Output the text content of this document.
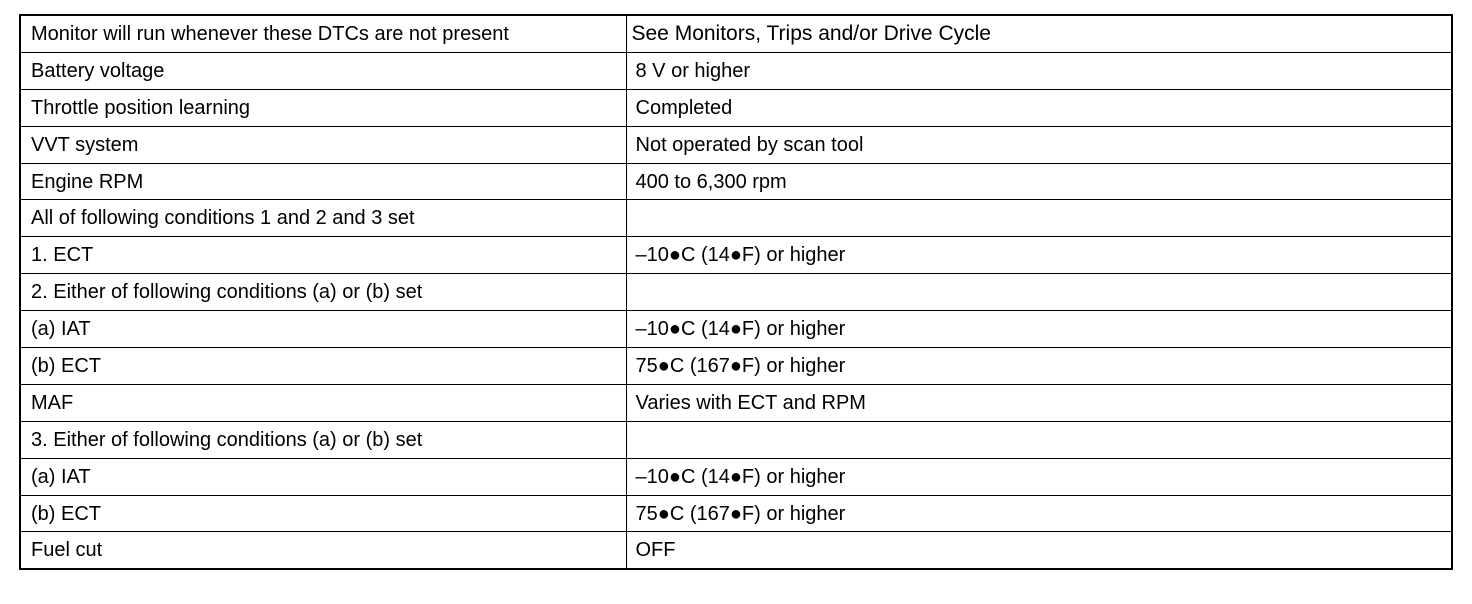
Monitor will run whenever these DTCs are not present	See Monitors, Trips and/or Drive Cycle
Battery voltage	8 V or higher
Throttle position learning	Completed
VVT system	Not operated by scan tool
Engine RPM	400 to 6,300 rpm
All of following conditions 1 and 2 and 3 set	
1. ECT	–10●C (14●F) or higher
2. Either of following conditions (a) or (b) set	
(a) IAT	–10●C (14●F) or higher
(b) ECT	75●C (167●F) or higher
MAF	Varies with ECT and RPM
3. Either of following conditions (a) or (b) set	
(a) IAT	–10●C (14●F) or higher
(b) ECT	75●C (167●F) or higher
Fuel cut	OFF
